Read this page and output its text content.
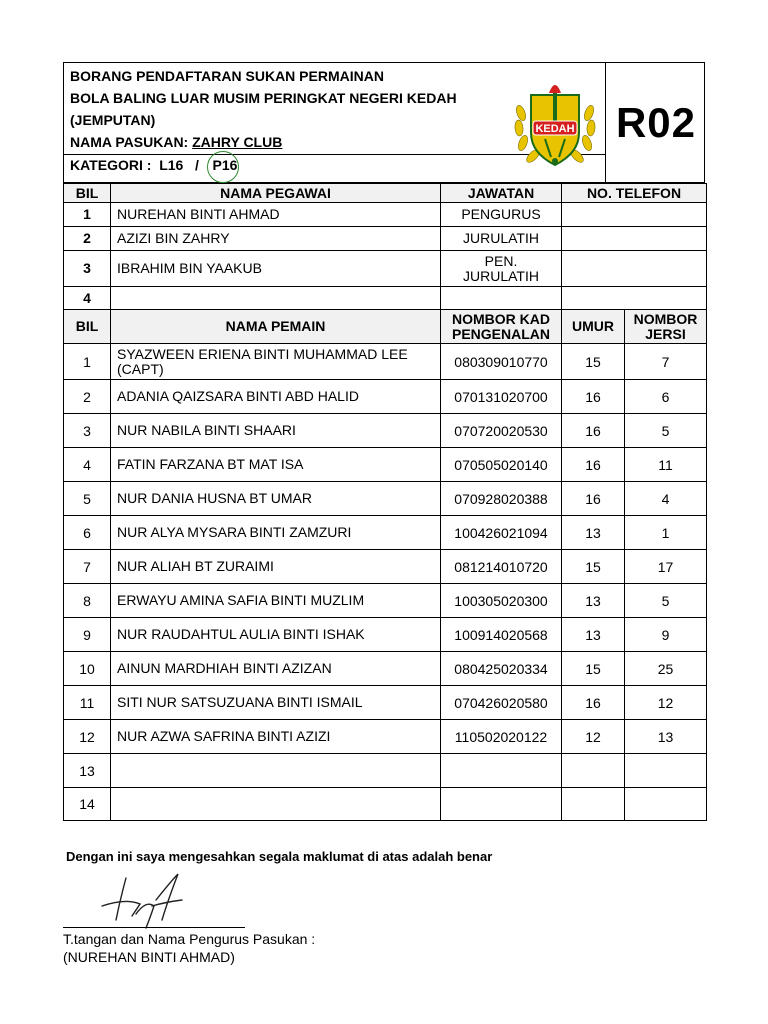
BORANG PENDAFTARAN SUKAN PERMAINAN
BOLA BALING LUAR MUSIM PERINGKAT NEGERI KEDAH
(JEMPUTAN)
NAMA PASUKAN: ZAHRY CLUB
KATEGORI : L16 / P16
KEDAH R02
BIL	NAMA PEGAWAI	JAWATAN	NO. TELEFON
1	NUREHAN BINTI AHMAD	PENGURUS	
2	AZIZI BIN ZAHRY	JURULATIH	
3	IBRAHIM BIN YAAKUB	PEN. JURULATIH	
4			
BIL	NAMA PEMAIN	NOMBOR KAD PENGENALAN	UMUR	NOMBOR JERSI
1	SYAZWEEN ERIENA BINTI MUHAMMAD LEE (CAPT)	080309010770	15	7
2	ADANIA QAIZSARA BINTI ABD HALID	070131020700	16	6
3	NUR NABILA BINTI SHAARI	070720020530	16	5
4	FATIN FARZANA BT MAT ISA	070505020140	16	11
5	NUR DANIA HUSNA BT UMAR	070928020388	16	4
6	NUR ALYA MYSARA BINTI ZAMZURI	100426021094	13	1
7	NUR ALIAH BT ZURAIMI	081214010720	15	17
8	ERWAYU AMINA SAFIA BINTI MUZLIM	100305020300	13	5
9	NUR RAUDAHTUL AULIA BINTI ISHAK	100914020568	13	9
10	AINUN MARDHIAH BINTI AZIZAN	080425020334	15	25
11	SITI NUR SATSUZUANA BINTI ISMAIL	070426020580	16	12
12	NUR AZWA SAFRINA BINTI AZIZI	110502020122	12	13
13				
14				
Dengan ini saya mengesahkan segala maklumat di atas adalah benar
T.tangan dan Nama Pengurus Pasukan :
(NUREHAN BINTI AHMAD)
